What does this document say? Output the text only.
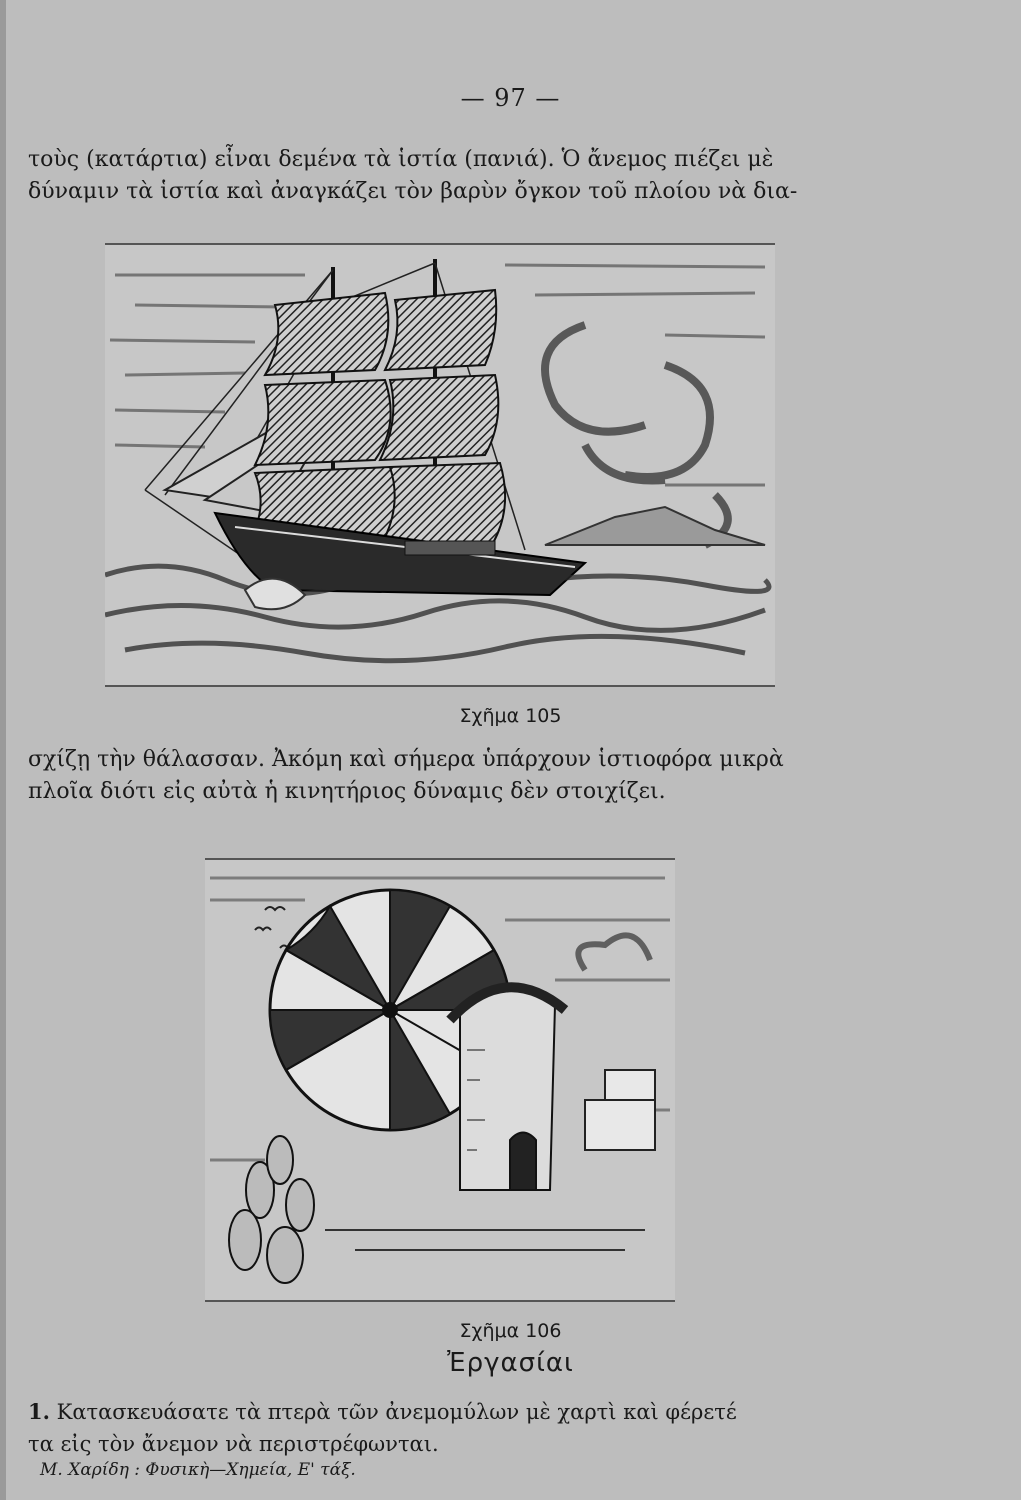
— 97 —
τοὺς (κατάρτια) εἶναι δεμένα τὰ ἱστία (πανιά). Ὁ ἄνεμος πιέζει μὲ
δύναμιν τὰ ἱστία καὶ ἀναγκάζει τὸν βαρὺν ὄγκον τοῦ πλοίου νὰ δια-
Σχῆμα 105
σχίζῃ τὴν θάλασσαν. Ἀκόμη καὶ σήμερα ὑπάρχουν ἱστιοφόρα μικρὰ
πλοῖα διότι εἰς αὐτὰ ἡ κινητήριος δύναμις δὲν στοιχίζει.
Σχῆμα 106
Ἐργασίαι
1. Κατασκευάσατε τὰ πτερὰ τῶν ἀνεμομύλων μὲ χαρτὶ καὶ φέρετέ
τα εἰς τὸν ἄνεμον νὰ περιστρέφωνται.
Μ. Χαρίδη : Φυσικὴ—Χημεία, Ε' τάξ.
